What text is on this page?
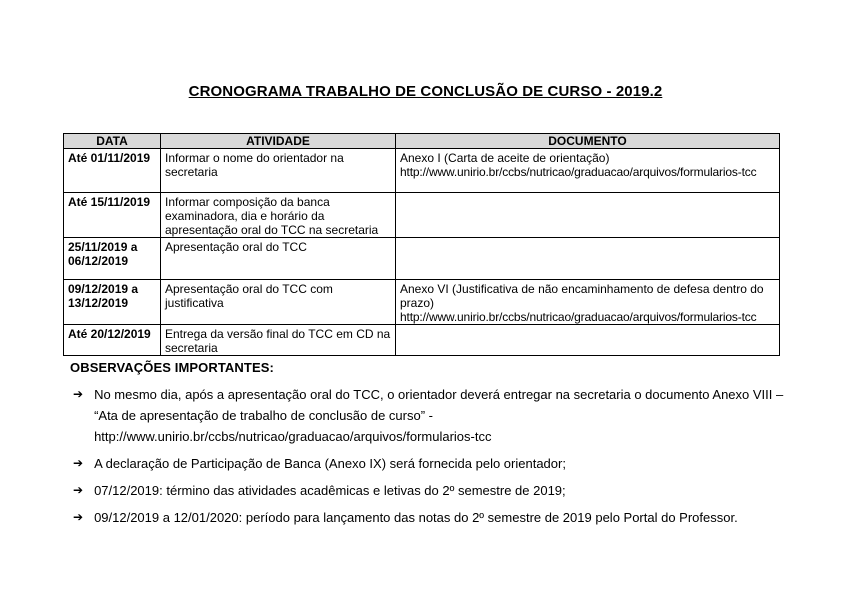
CRONOGRAMA TRABALHO DE CONCLUSÃO DE CURSO - 2019.2
DATA	ATIVIDADE	DOCUMENTO
Até 01/11/2019	Informar o nome do orientador na secretaria	Anexo I (Carta de aceite de orientação)
http://www.unirio.br/ccbs/nutricao/graduacao/arquivos/formularios-tcc

Até 15/11/2019	Informar composição da banca examinadora, dia e horário da apresentação oral do TCC na secretaria	

25/11/2019 a 06/12/2019	Apresentação oral do TCC	

09/12/2019 a 13/12/2019	Apresentação oral do TCC com justificativa	Anexo VI (Justificativa de não encaminhamento de defesa dentro do prazo)
http://www.unirio.br/ccbs/nutricao/graduacao/arquivos/formularios-tcc

Até 20/12/2019	Entrega da versão final do TCC em CD na secretaria	
OBSERVAÇÕES IMPORTANTES:
➔ No mesmo dia, após a apresentação oral do TCC, o orientador deverá entregar na secretaria o documento Anexo VIII – “Ata de apresentação de trabalho de conclusão de curso” - http://www.unirio.br/ccbs/nutricao/graduacao/arquivos/formularios-tcc
➔ A declaração de Participação de Banca (Anexo IX) será fornecida pelo orientador;
➔ 07/12/2019: término das atividades acadêmicas e letivas do 2º semestre de 2019;
➔ 09/12/2019 a 12/01/2020: período para lançamento das notas do 2º semestre de 2019 pelo Portal do Professor.
